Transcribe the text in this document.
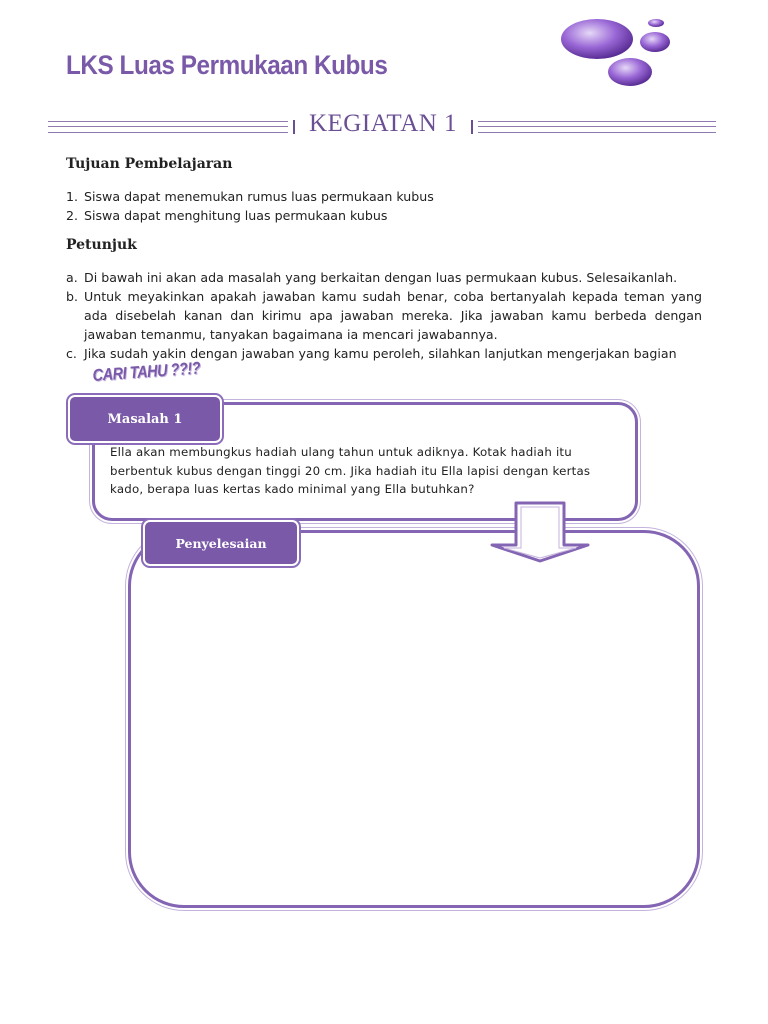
LKS Luas Permukaan Kubus
KEGIATAN 1
Tujuan Pembelajaran
1. Siswa dapat menemukan rumus luas permukaan kubus
2. Siswa dapat menghitung luas permukaan kubus
Petunjuk
a. Di bawah ini akan ada masalah yang berkaitan dengan luas permukaan kubus. Selesaikanlah.
b. Untuk meyakinkan apakah jawaban kamu sudah benar, coba bertanyalah kepada teman yang ada disebelah kanan dan kirimu apa jawaban mereka. Jika jawaban kamu berbeda dengan jawaban temanmu, tanyakan bagaimana ia mencari jawabannya.
c. Jika sudah yakin dengan jawaban yang kamu peroleh, silahkan lanjutkan mengerjakan bagian
CARI TAHU ??!?
Ella akan membungkus hadiah ulang tahun untuk adiknya. Kotak hadiah itu berbentuk kubus dengan tinggi 20 cm. Jika hadiah itu Ella lapisi dengan kertas kado, berapa luas kertas kado minimal yang Ella butuhkan?
Masalah 1
Penyelesaian
